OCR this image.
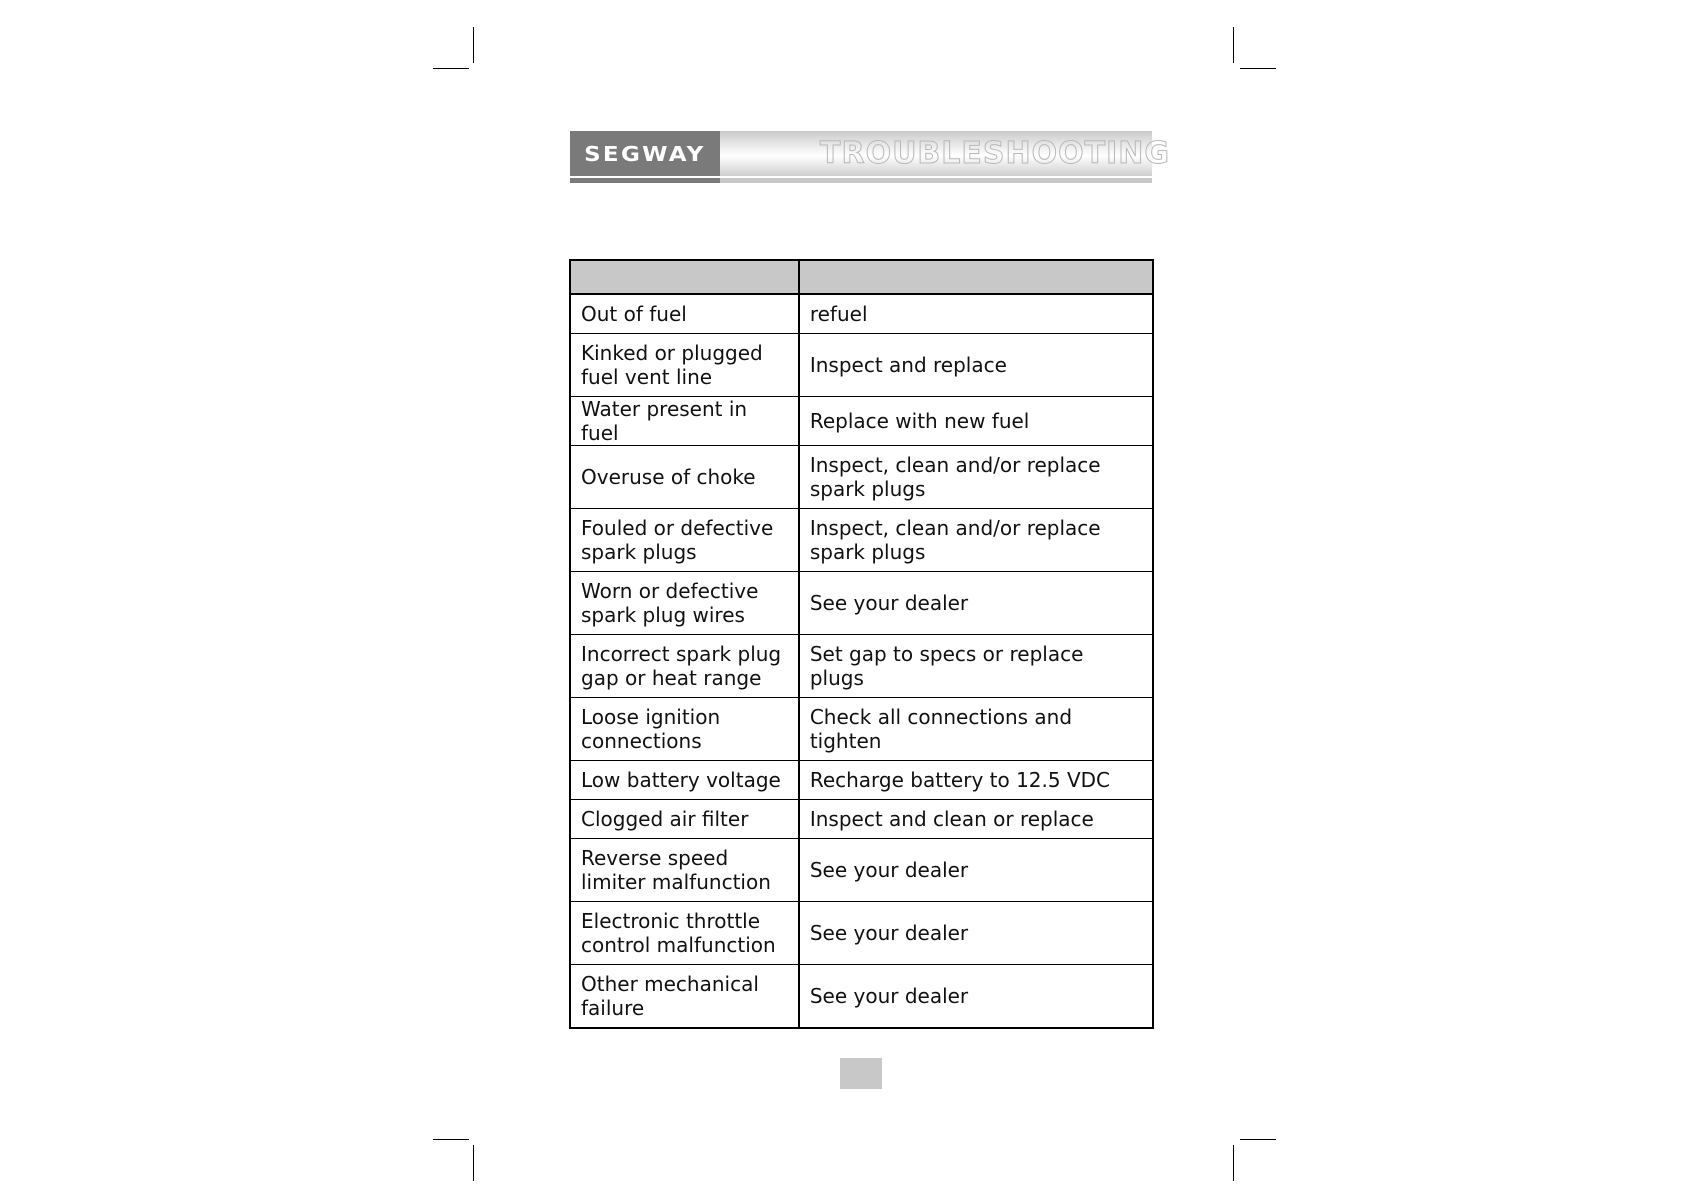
SEGWAY	TROUBLESHOOTING

Out of fuel	refuel
Kinked or plugged fuel vent line	Inspect and replace
Water present in fuel	Replace with new fuel
Overuse of choke	Inspect, clean and/or replace spark plugs
Fouled or defective spark plugs	Inspect, clean and/or replace spark plugs
Worn or defective spark plug wires	See your dealer
Incorrect spark plug gap or heat range	Set gap to specs or replace plugs
Loose ignition connections	Check all connections and tighten
Low battery voltage	Recharge battery to 12.5 VDC
Clogged air filter	Inspect and clean or replace
Reverse speed limiter malfunction	See your dealer
Electronic throttle control malfunction	See your dealer
Other mechanical failure	See your dealer
